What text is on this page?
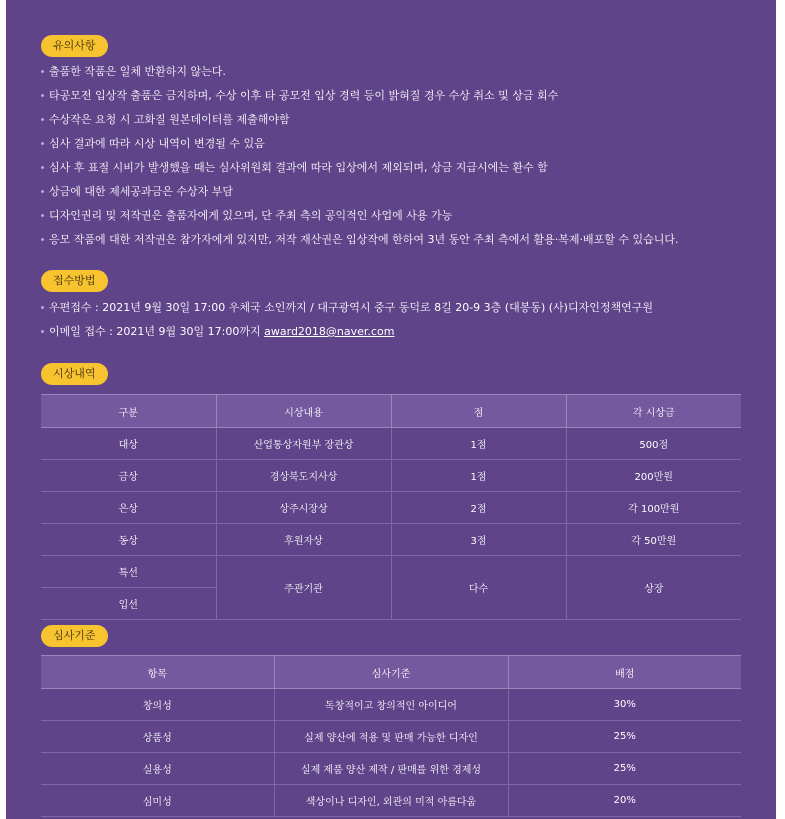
유의사항
출품한 작품은 일체 반환하지 않는다.
타공모전 입상작 출품은 금지하며, 수상 이후 타 공모전 입상 경력 등이 밝혀질 경우 수상 취소 및 상금 회수
수상작은 요청 시 고화질 원본데이터를 제출해야함
심사 결과에 따라 시상 내역이 변경될 수 있음
심사 후 표절 시비가 발생했을 때는 심사위원회 결과에 따라 입상에서 제외되며, 상금 지급시에는 환수 함
상금에 대한 제세공과금은 수상자 부담
디자인권리 및 저작권은 출품자에게 있으며, 단 주최 측의 공익적인 사업에 사용 가능
응모 작품에 대한 저작권은 참가자에게 있지만, 저작 재산권은 입상작에 한하여 3년 동안 주최 측에서 활용·복제·배포할 수 있습니다.
접수방법
우편접수 : 2021년 9월 30일 17:00 우체국 소인까지 / 대구광역시 중구 동덕로 8길 20-9 3층 (대봉동) (사)디자인정책연구원
이메일 접수 : 2021년 9월 30일 17:00까지 award2018@naver.com
시상내역
구분	시상내용	점	각 시상금
대상	산업통상자원부 장관상	1점	500점
금상	경상북도지사상	1점	200만원
은상	상주시장상	2점	각 100만원
동상	후원자상	3점	각 50만원
특선	주관기관	다수	상장
입선			
심사기준
항목	심사기준	배점
창의성	독창적이고 창의적인 아이디어	30%
상품성	실제 양산에 적용 및 판매 가능한 디자인	25%
실용성	실제 제품 양산 제작 / 판매를 위한 경제성	25%
심미성	색상이나 디자인, 외관의 미적 아름다움	20%
